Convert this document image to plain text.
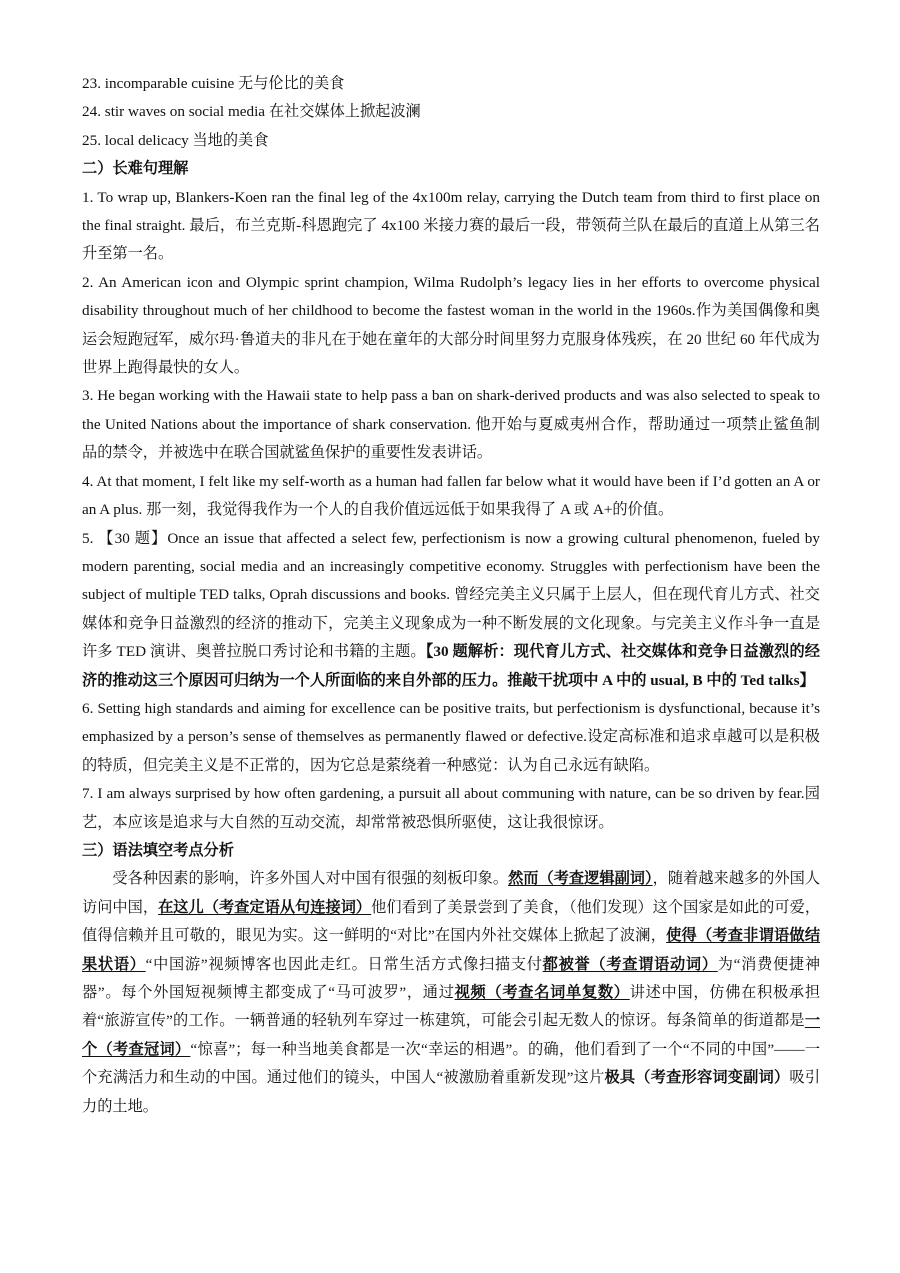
23. incomparable cuisine 无与伦比的美食

24. stir waves on social media 在社交媒体上掀起波澜

25. local delicacy 当地的美食

二）长难句理解

1. To wrap up, Blankers-Koen ran the final leg of the 4x100m relay, carrying the Dutch team from third to first place on the final straight. 最后，布兰克斯-科恩跑完了 4x100 米接力赛的最后一段，带领荷兰队在最后的直道上从第三名升至第一名。

2. An American icon and Olympic sprint champion, Wilma Rudolph’s legacy lies in her efforts to overcome physical disability throughout much of her childhood to become the fastest woman in the world in the 1960s.作为美国偶像和奥运会短跑冠军，威尔玛·鲁道夫的非凡在于她在童年的大部分时间里努力克服身体残疾，在 20 世纪 60 年代成为世界上跑得最快的女人。

3. He began working with the Hawaii state to help pass a ban on shark-derived products and was also selected to speak to the United Nations about the importance of shark conservation. 他开始与夏威夷州合作，帮助通过一项禁止鲨鱼制品的禁令，并被选中在联合国就鲨鱼保护的重要性发表讲话。

4. At that moment, I felt like my self-worth as a human had fallen far below what it would have been if I’d gotten an A or an A plus. 那一刻，我觉得我作为一个人的自我价值远远低于如果我得了 A 或 A+的价值。

5. 【30 题】Once an issue that affected a select few, perfectionism is now a growing cultural phenomenon, fueled by modern parenting, social media and an increasingly competitive economy. Struggles with perfectionism have been the subject of multiple TED talks, Oprah discussions and books. 曾经完美主义只属于上层人，但在现代育儿方式、社交媒体和竞争日益激烈的经济的推动下，完美主义现象成为一种不断发展的文化现象。与完美主义作斗争一直是许多 TED 演讲、奥普拉脱口秀讨论和书籍的主题。【30 题解析：现代育儿方式、社交媒体和竞争日益激烈的经济的推动这三个原因可归纳为一个人所面临的来自外部的压力。推敲干扰项中 A 中的 usual, B 中的 Ted talks】

6. Setting high standards and aiming for excellence can be positive traits, but perfectionism is dysfunctional, because it’s emphasized by a person’s sense of themselves as permanently flawed or defective.设定高标准和追求卓越可以是积极的特质，但完美主义是不正常的，因为它总是萦绕着一种感觉：认为自己永远有缺陷。

7. I am always surprised by how often gardening, a pursuit all about communing with nature, can be so driven by fear.园艺，本应该是追求与大自然的互动交流，却常常被恐惧所驱使，这让我很惊讶。

三）语法填空考点分析

受各种因素的影响，许多外国人对中国有很强的刻板印象。然而（考查逻辑副词），随着越来越多的外国人访问中国，在这儿（考查定语从句连接词）他们看到了美景尝到了美食，（他们发现）这个国家是如此的可爱，值得信赖并且可敬的，眼见为实。这一鲜明的“对比”在国内外社交媒体上掀起了波澜，使得（考查非谓语做结果状语）“中国游”视频博客也因此走红。日常生活方式像扫描支付都被誉（考查谓语动词）为“消费便捷神器”。每个外国短视频博主都变成了“马可波罗”，通过视频（考查名词单复数）讲述中国，仿佛在积极承担着“旅游宣传”的工作。一辆普通的轻轨列车穿过一栋建筑，可能会引起无数人的惊讶。每条简单的街道都是一个（考查冠词）“惊喜”；每一种当地美食都是一次“幸运的相遇”。的确，他们看到了一个“不同的中国”——一个充满活力和生动的中国。通过他们的镜头，中国人“被激励着重新发现”这片极具（考查形容词变副词）吸引力的土地。
